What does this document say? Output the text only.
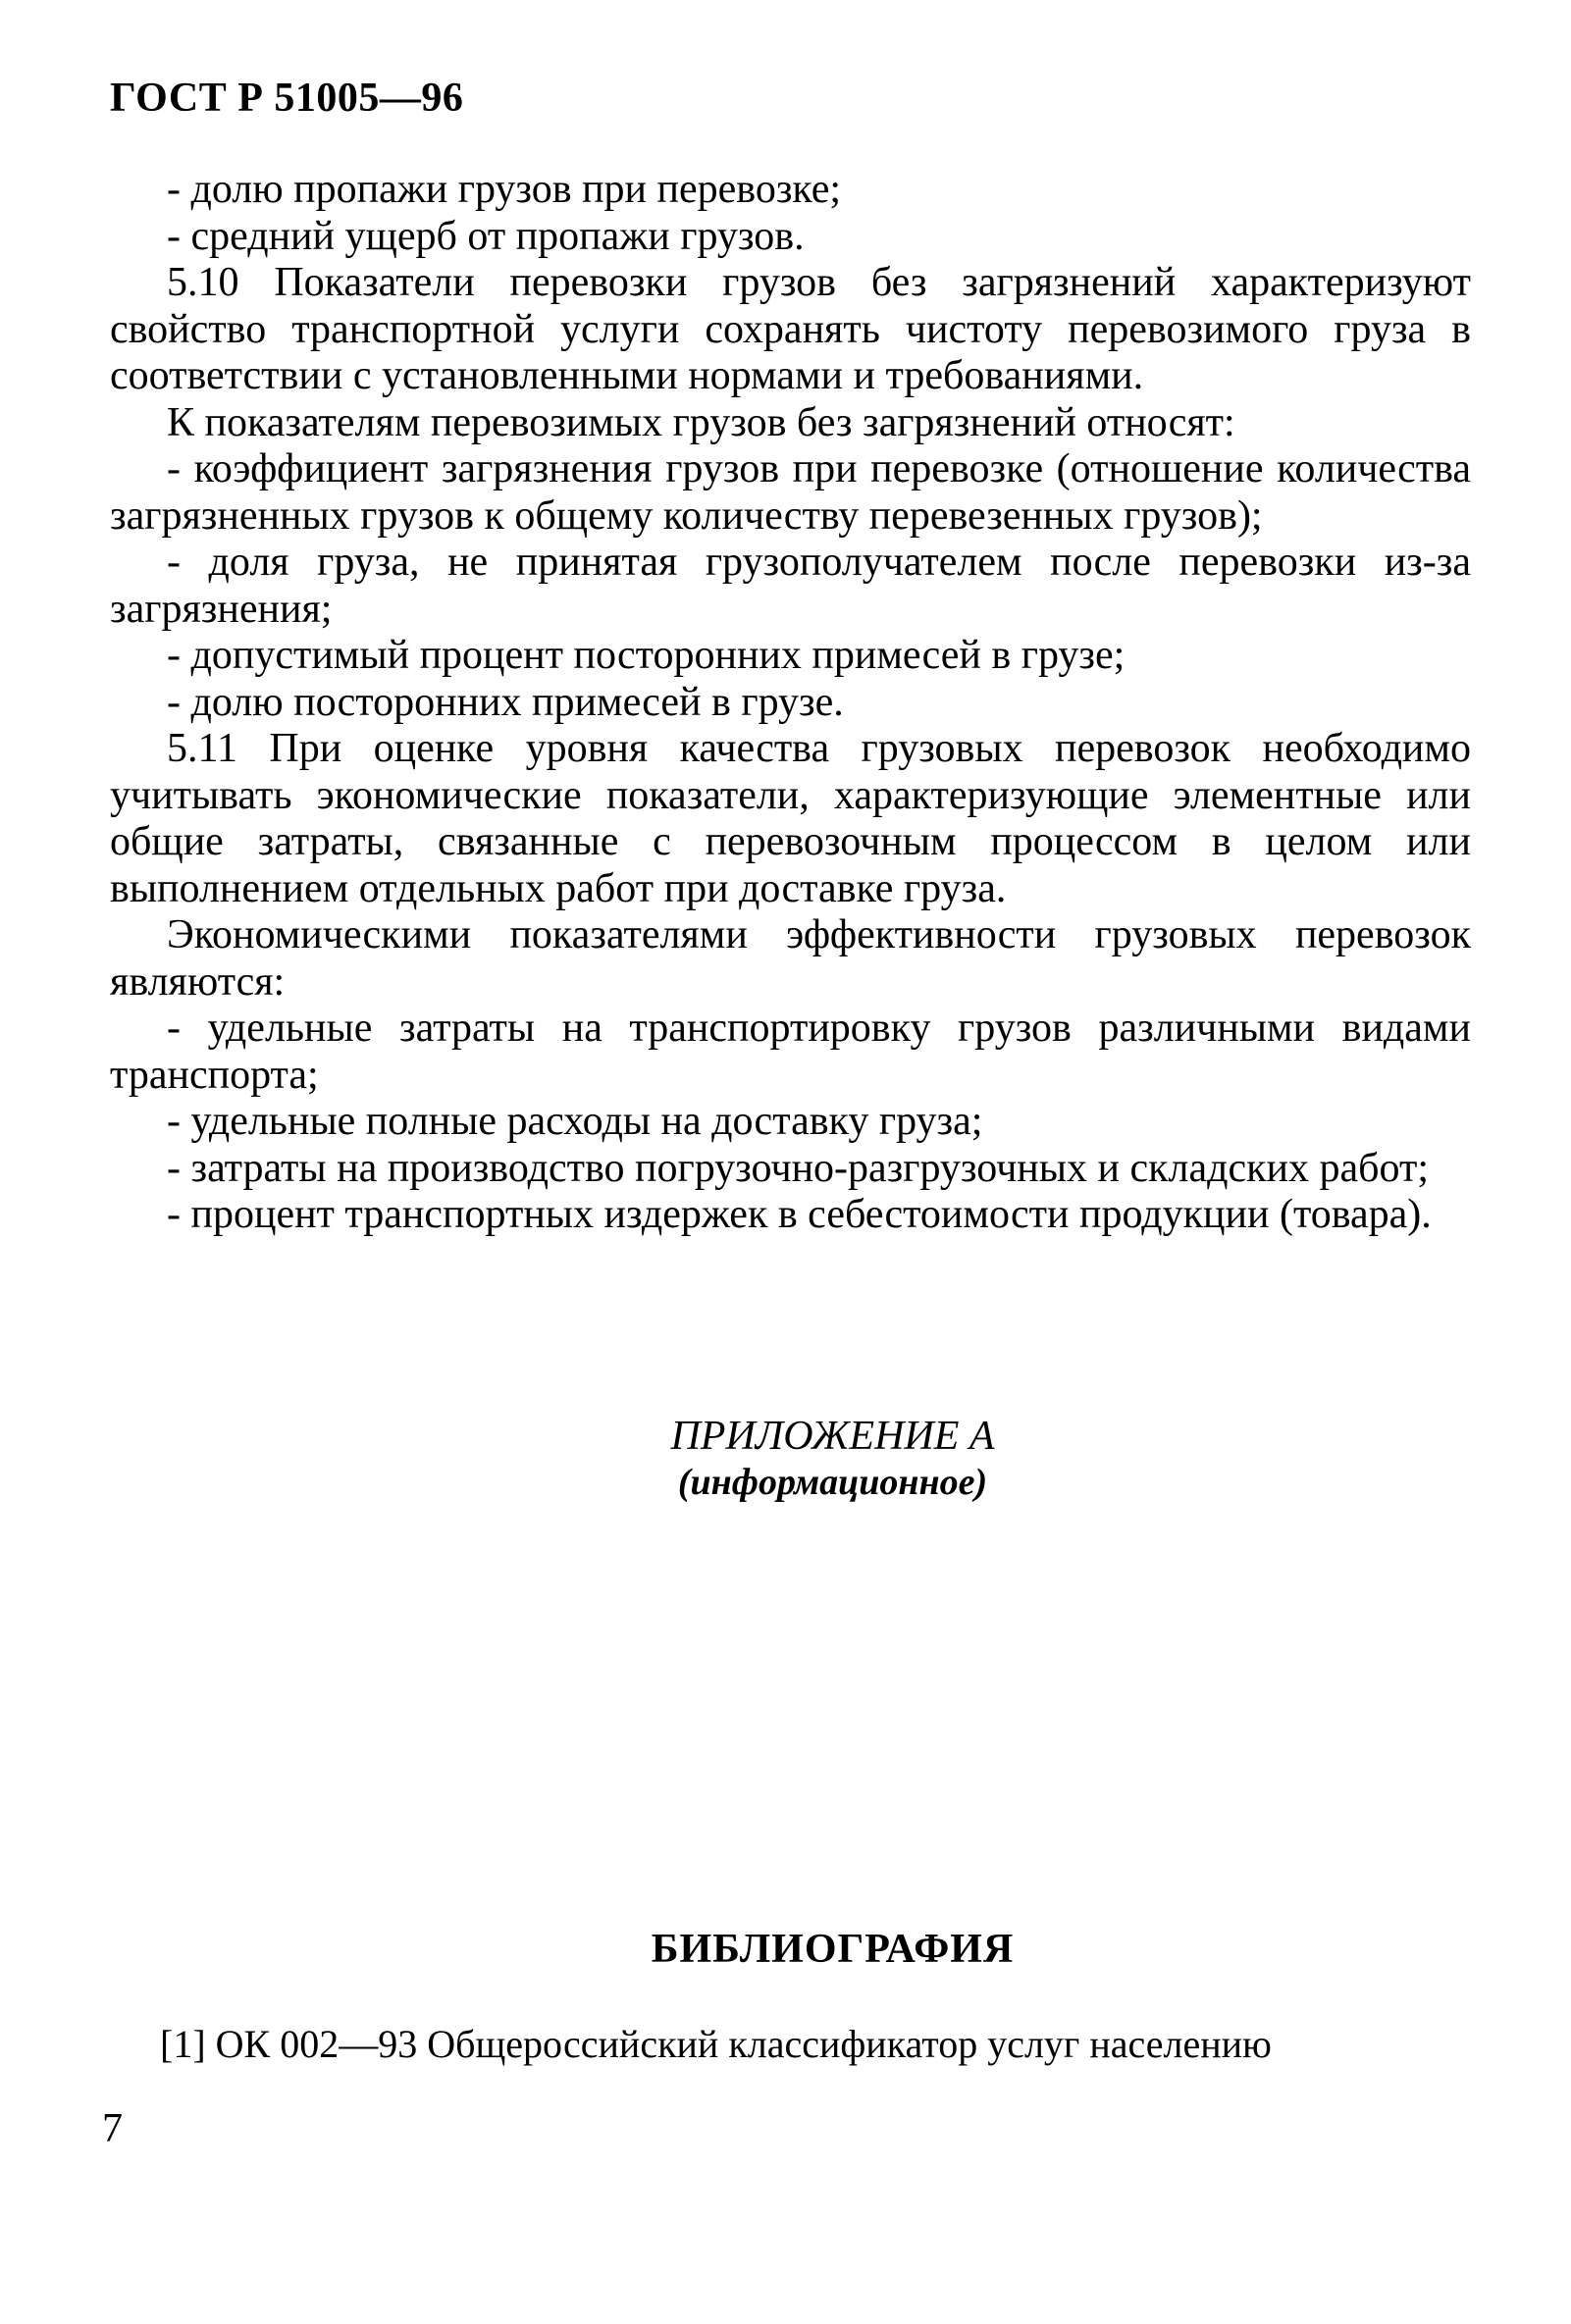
ГОСТ Р 51005—96

- долю пропажи грузов при перевозке;

- средний ущерб от пропажи грузов.

5.10 Показатели перевозки грузов без загрязнений характеризуют свойство транспортной услуги сохранять чистоту перевозимого груза в соответствии с установленными нормами и требованиями.

К показателям перевозимых грузов без загрязнений относят:

- коэффициент загрязнения грузов при перевозке (отношение количества загрязненных грузов к общему количеству перевезенных грузов);

- доля груза, не принятая грузополучателем после перевозки из-за загрязнения;

- допустимый процент посторонних примесей в грузе;

- долю посторонних примесей в грузе.

5.11 При оценке уровня качества грузовых перевозок необходимо учитывать экономические показатели, характеризующие элементные или общие затраты, связанные с перевозочным процессом в целом или выполнением отдельных работ при доставке груза.

Экономическими показателями эффективности грузовых перевозок являются:

- удельные затраты на транспортировку грузов различными видами транспорта;

- удельные полные расходы на доставку груза;

- затраты на производство погрузочно-разгрузочных и складских работ;

- процент транспортных издержек в себестоимости продукции (товара).

ПРИЛОЖЕНИЕ А
(информационное)
БИБЛИОГРАФИЯ
[1] ОК 002—93 Общероссийский классификатор услуг населению
7
